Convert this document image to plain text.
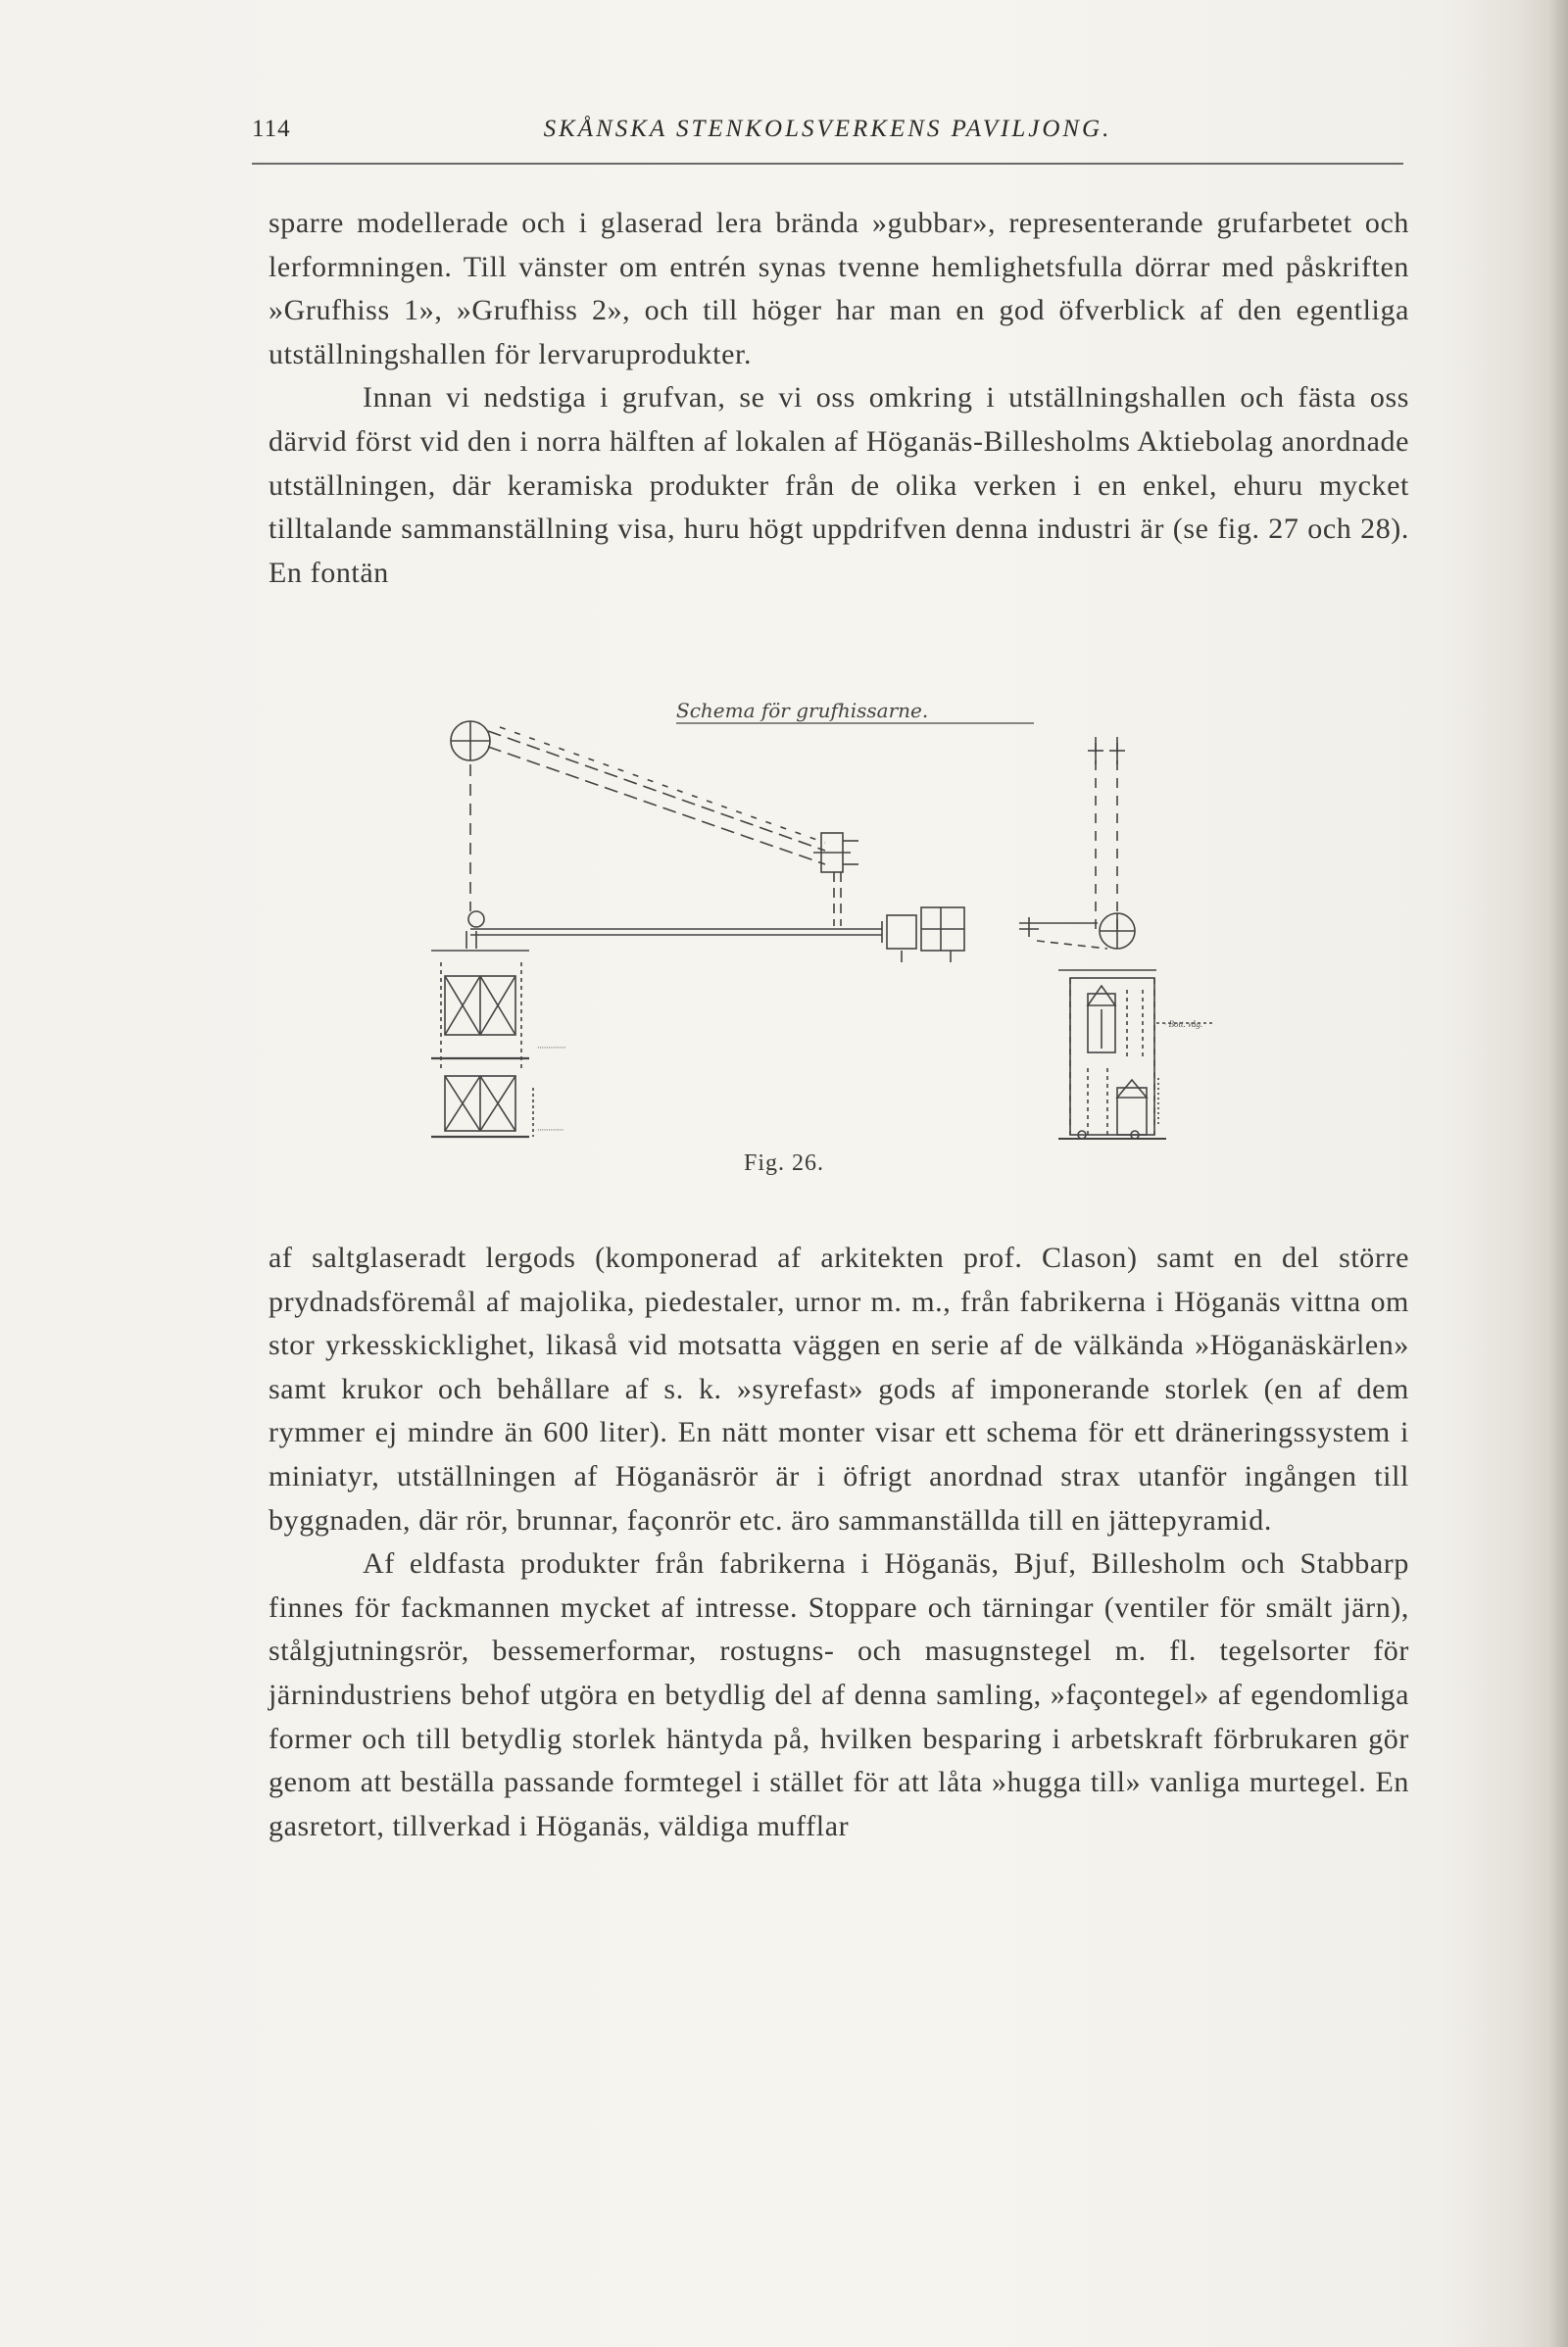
114	SKÅNSKA STENKOLSVERKENS PAVILJONG.

sparre modellerade och i glaserad lera brända »gubbar», representerande grufarbetet och lerformningen. Till vänster om entrén synas tvenne hemlighetsfulla dörrar med påskriften »Grufhiss 1», »Grufhiss 2», och till höger har man en god öfverblick af den egentliga utställningshallen för lervaruprodukter.

Innan vi nedstiga i grufvan, se vi oss omkring i utställningshallen och fästa oss därvid först vid den i norra hälften af lokalen af Höganäs-Billesholms Aktiebolag anordnade utställningen, där keramiska produkter från de olika verken i en enkel, ehuru mycket tilltalande sammanställning visa, huru högt uppdrifven denna industri är (se fig. 27 och 28). En fontän

Schema för grufhissarne.
·············
············
· Bott. våg.
Fig. 26.

af saltglaseradt lergods (komponerad af arkitekten prof. Clason) samt en del större prydnadsföremål af majolika, piedestaler, urnor m. m., från fabrikerna i Höganäs vittna om stor yrkesskicklighet, likaså vid motsatta väggen en serie af de välkända »Höganäskärlen» samt krukor och behållare af s. k. »syrefast» gods af imponerande storlek (en af dem rymmer ej mindre än 600 liter). En nätt monter visar ett schema för ett dräneringssystem i miniatyr, utställningen af Höganäsrör är i öfrigt anordnad strax utanför ingången till byggnaden, där rör, brunnar, façonrör etc. äro sammanställda till en jättepyramid.

Af eldfasta produkter från fabrikerna i Höganäs, Bjuf, Billesholm och Stabbarp finnes för fackmannen mycket af intresse. Stoppare och tärningar (ventiler för smält järn), stålgjutningsrör, bessemerformar, rostugns- och masugnstegel m. fl. tegelsorter för järnindustriens behof utgöra en betydlig del af denna samling, »façontegel» af egendomliga former och till betydlig storlek häntyda på, hvilken besparing i arbetskraft förbrukaren gör genom att beställa passande formtegel i stället för att låta »hugga till» vanliga murtegel. En gasretort, tillverkad i Höganäs, väldiga mufflar
